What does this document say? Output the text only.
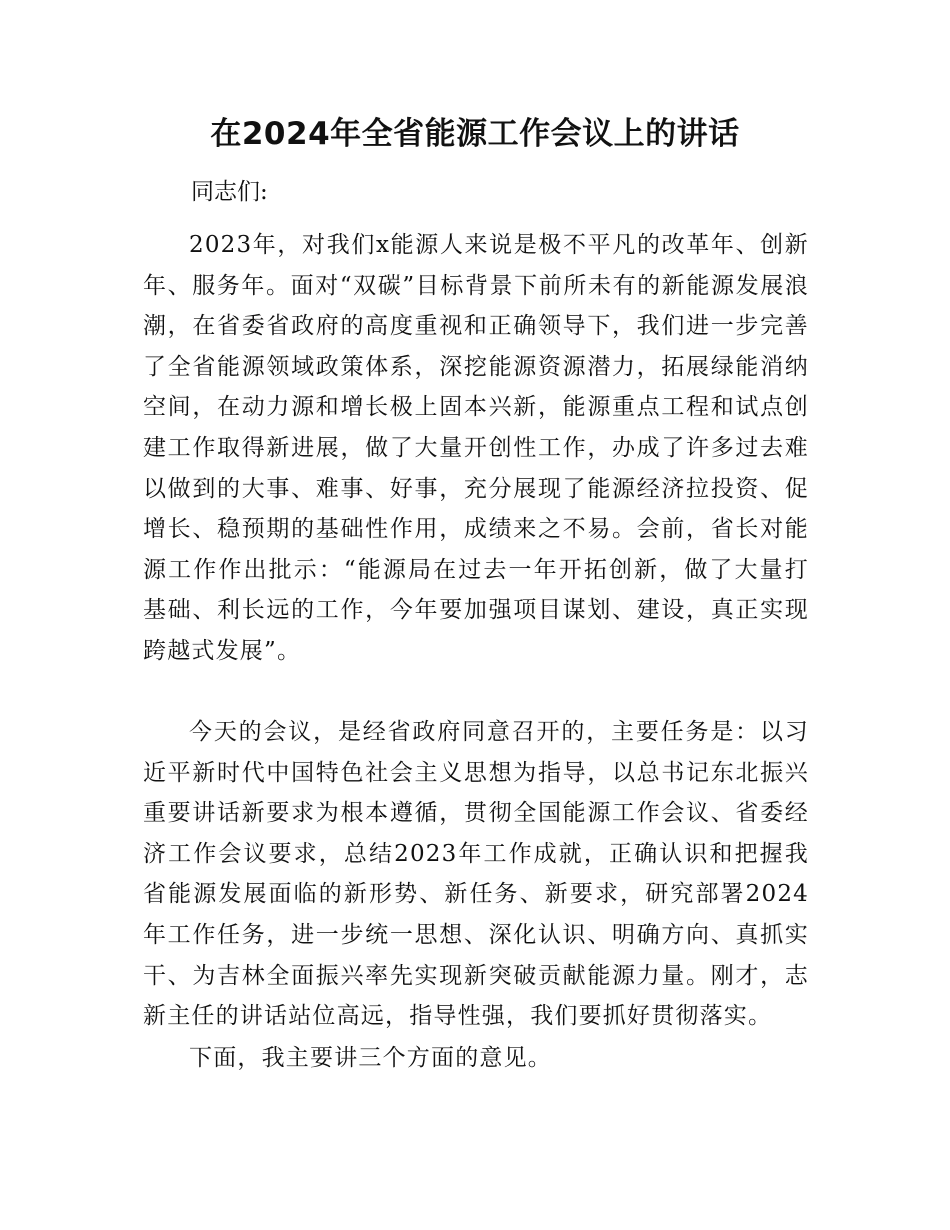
在2024年全省能源工作会议上的讲话

同志们:

2023年，对我们x能源人来说是极不平凡的改革年、创新年、服务年。面对“双碳”目标背景下前所未有的新能源发展浪潮，在省委省政府的高度重视和正确领导下，我们进一步完善了全省能源领域政策体系，深挖能源资源潜力，拓展绿能消纳空间，在动力源和增长极上固本兴新，能源重点工程和试点创建工作取得新进展，做了大量开创性工作，办成了许多过去难以做到的大事、难事、好事，充分展现了能源经济拉投资、促增长、稳预期的基础性作用，成绩来之不易。会前，省长对能源工作作出批示：“能源局在过去一年开拓创新，做了大量打基础、利长远的工作，今年要加强项目谋划、建设，真正实现跨越式发展”。

今天的会议，是经省政府同意召开的，主要任务是：以习近平新时代中国特色社会主义思想为指导，以总书记东北振兴重要讲话新要求为根本遵循，贯彻全国能源工作会议、省委经济工作会议要求，总结2023年工作成就，正确认识和把握我省能源发展面临的新形势、新任务、新要求，研究部署2024年工作任务，进一步统一思想、深化认识、明确方向、真抓实干、为吉林全面振兴率先实现新突破贡献能源力量。刚才，志新主任的讲话站位高远，指导性强，我们要抓好贯彻落实。

下面，我主要讲三个方面的意见。
